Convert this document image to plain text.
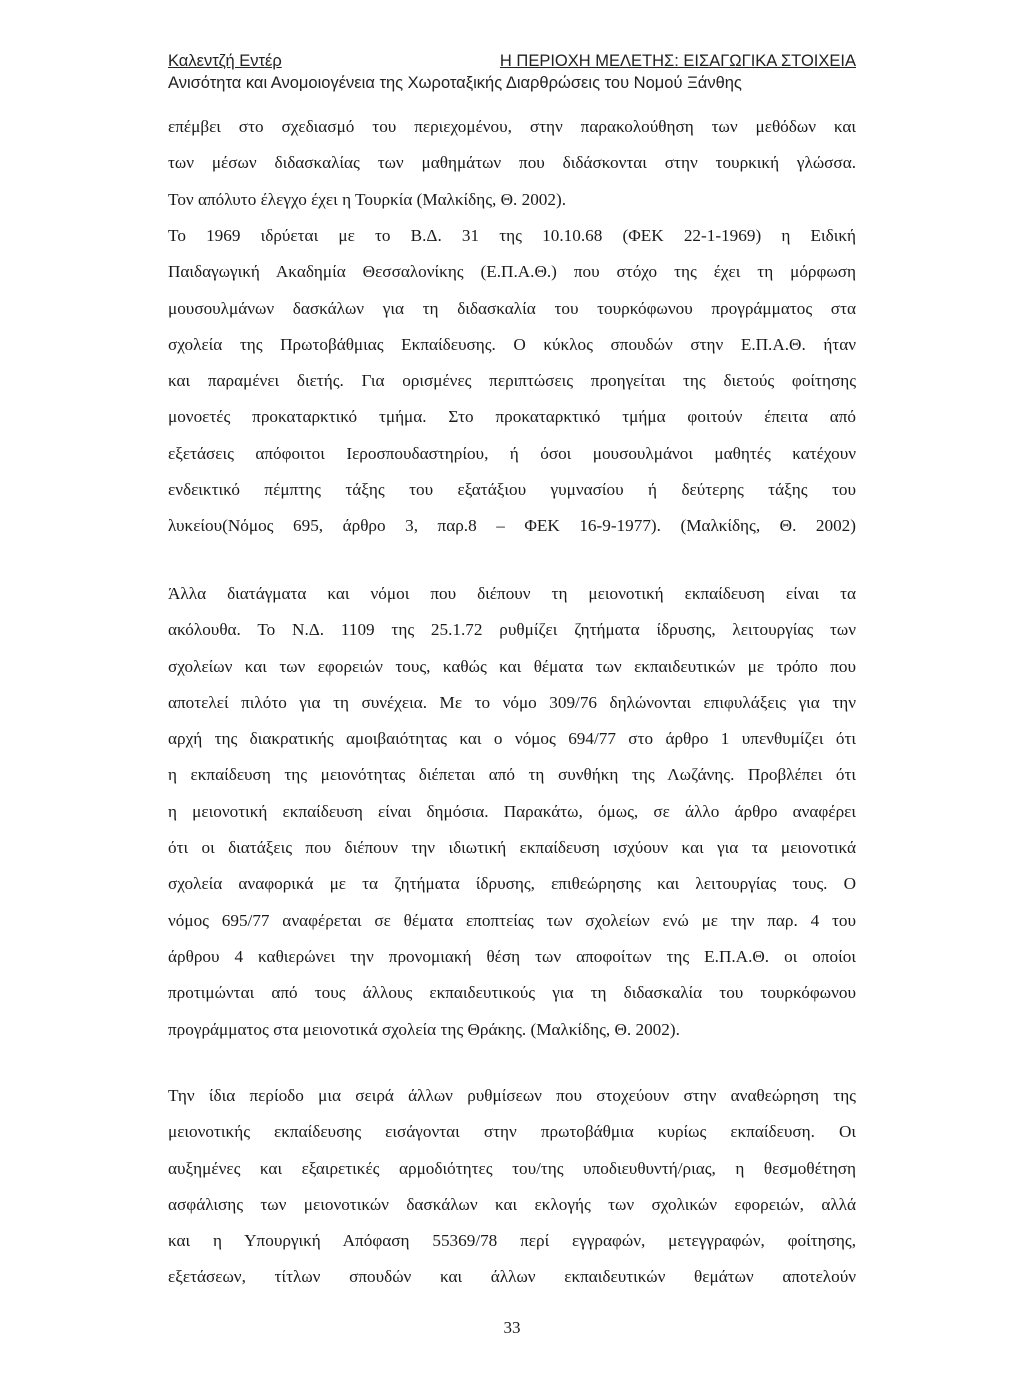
Καλεντζή Εντέρ	Η ΠΕΡΙΟΧΗ ΜΕΛΕΤΗΣ: ΕΙΣΑΓΩΓΙΚΑ ΣΤΟΙΧΕΙΑ
Ανισότητα και Ανομοιογένεια της Χωροταξικής Διαρθρώσεις του Νομού Ξάνθης
επέμβει στο σχεδιασμό του περιεχομένου, στην παρακολούθηση των μεθόδων και
των μέσων διδασκαλίας των μαθημάτων που διδάσκονται στην τουρκική γλώσσα.
Τον απόλυτο έλεγχο έχει η Τουρκία (Μαλκίδης, Θ. 2002).
Το 1969 ιδρύεται με το Β.Δ. 31 της 10.10.68 (ΦΕΚ 22-1-1969) η Ειδική
Παιδαγωγική Ακαδημία Θεσσαλονίκης (Ε.Π.Α.Θ.) που στόχο της έχει τη μόρφωση
μουσουλμάνων δασκάλων για τη διδασκαλία του τουρκόφωνου προγράμματος στα
σχολεία της Πρωτοβάθμιας Εκπαίδευσης. Ο κύκλος σπουδών στην Ε.Π.Α.Θ. ήταν
και παραμένει διετής. Για ορισμένες περιπτώσεις προηγείται της διετούς φοίτησης
μονοετές προκαταρκτικό τμήμα. Στο προκαταρκτικό τμήμα φοιτούν έπειτα από
εξετάσεις απόφοιτοι Ιεροσπουδαστηρίου, ή όσοι μουσουλμάνοι μαθητές κατέχουν
ενδεικτικό πέμπτης τάξης του εξατάξιου γυμνασίου ή δεύτερης τάξης του
λυκείου(Νόμος 695, άρθρο 3, παρ.8 – ΦΕΚ 16-9-1977). (Μαλκίδης, Θ. 2002)
Άλλα διατάγματα και νόμοι που διέπουν τη μειονοτική εκπαίδευση είναι τα
ακόλουθα. Το Ν.Δ. 1109 της 25.1.72 ρυθμίζει ζητήματα ίδρυσης, λειτουργίας των
σχολείων και των εφορειών τους, καθώς και θέματα των εκπαιδευτικών με τρόπο που
αποτελεί πιλότο για τη συνέχεια. Με το νόμο 309/76 δηλώνονται επιφυλάξεις για την
αρχή της διακρατικής αμοιβαιότητας και ο νόμος 694/77 στο άρθρο 1 υπενθυμίζει ότι
η εκπαίδευση της μειονότητας διέπεται από τη συνθήκη της Λωζάνης. Προβλέπει ότι
η μειονοτική εκπαίδευση είναι δημόσια. Παρακάτω, όμως, σε άλλο άρθρο αναφέρει
ότι οι διατάξεις που διέπουν την ιδιωτική εκπαίδευση ισχύουν και για τα μειονοτικά
σχολεία αναφορικά με τα ζητήματα ίδρυσης, επιθεώρησης και λειτουργίας τους. Ο
νόμος 695/77 αναφέρεται σε θέματα εποπτείας των σχολείων ενώ με την παρ. 4 του
άρθρου 4 καθιερώνει την προνομιακή θέση των αποφοίτων της Ε.Π.Α.Θ. οι οποίοι
προτιμώνται από τους άλλους εκπαιδευτικούς για τη διδασκαλία του τουρκόφωνου
προγράμματος στα μειονοτικά σχολεία της Θράκης. (Μαλκίδης, Θ. 2002).
Την ίδια περίοδο μια σειρά άλλων ρυθμίσεων που στοχεύουν στην αναθεώρηση της
μειονοτικής εκπαίδευσης εισάγονται στην πρωτοβάθμια κυρίως εκπαίδευση. Οι
αυξημένες και εξαιρετικές αρμοδιότητες του/της υποδιευθυντή/ριας, η θεσμοθέτηση
ασφάλισης των μειονοτικών δασκάλων και εκλογής των σχολικών εφορειών, αλλά
και η Υπουργική Απόφαση 55369/78 περί εγγραφών, μετεγγραφών, φοίτησης,
εξετάσεων, τίτλων σπουδών και άλλων εκπαιδευτικών θεμάτων αποτελούν
33
